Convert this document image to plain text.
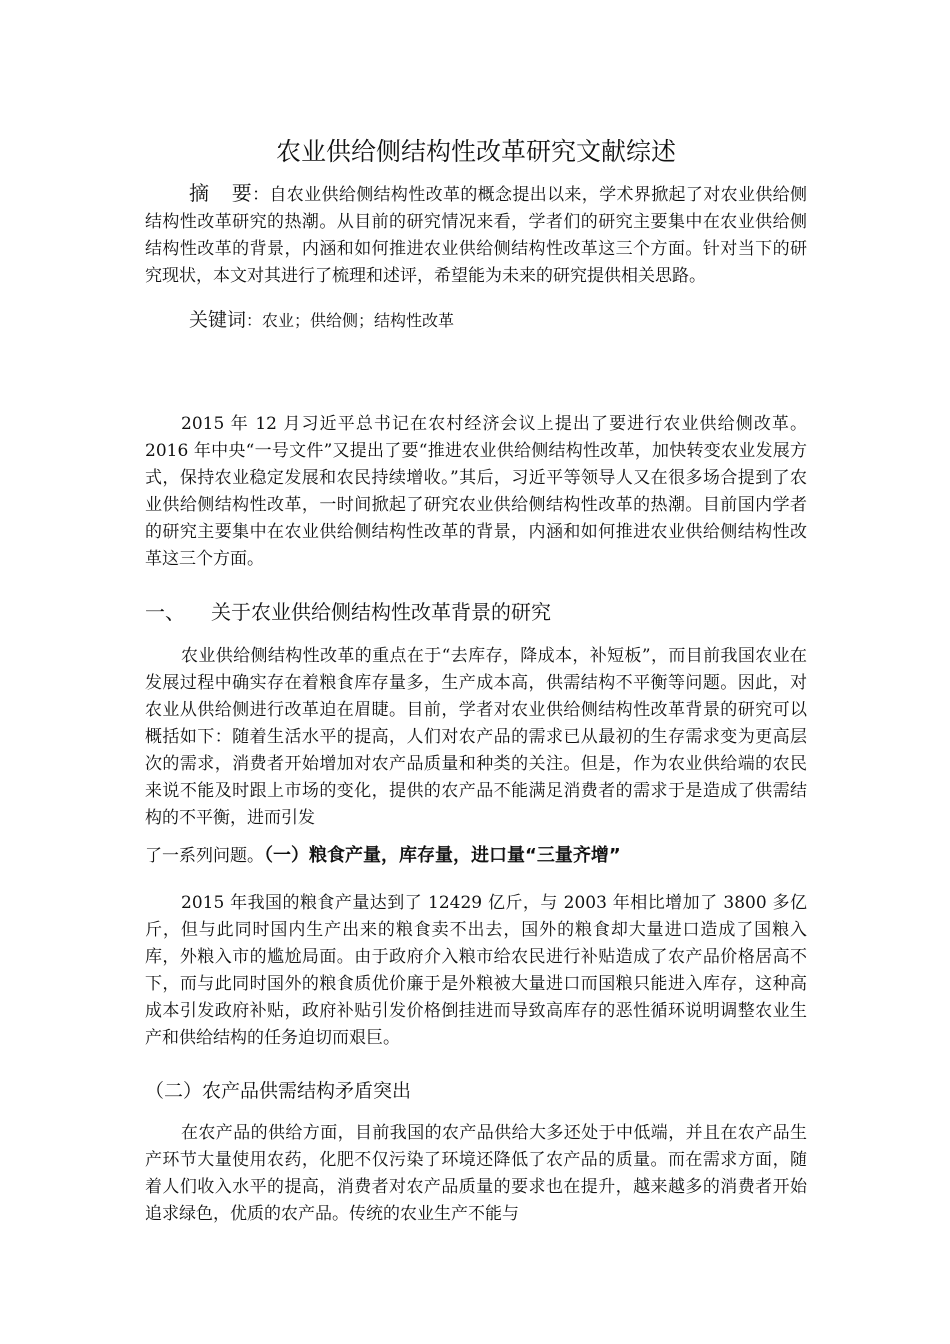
农业供给侧结构性改革研究文献综述

摘 要：自农业供给侧结构性改革的概念提出以来，学术界掀起了对农业供给侧结构性改革研究的热潮。从目前的研究情况来看，学者们的研究主要集中在农业供给侧结构性改革的背景，内涵和如何推进农业供给侧结构性改革这三个方面。针对当下的研究现状，本文对其进行了梳理和述评，希望能为未来的研究提供相关思路。

关键词：农业；供给侧；结构性改革

2015 年 12 月习近平总书记在农村经济会议上提出了要进行农业供给侧改革。2016 年中央“一号文件”又提出了要“推进农业供给侧结构性改革，加快转变农业发展方式，保持农业稳定发展和农民持续增收。”其后，习近平等领导人又在很多场合提到了农业供给侧结构性改革，一时间掀起了研究农业供给侧结构性改革的热潮。目前国内学者的研究主要集中在农业供给侧结构性改革的背景，内涵和如何推进农业供给侧结构性改革这三个方面。

一、 关于农业供给侧结构性改革背景的研究

农业供给侧结构性改革的重点在于“去库存，降成本，补短板”，而目前我国农业在发展过程中确实存在着粮食库存量多，生产成本高，供需结构不平衡等问题。因此，对农业从供给侧进行改革迫在眉睫。目前，学者对农业供给侧结构性改革背景的研究可以概括如下：随着生活水平的提高，人们对农产品的需求已从最初的生存需求变为更高层次的需求，消费者开始增加对农产品质量和种类的关注。但是，作为农业供给端的农民来说不能及时跟上市场的变化，提供的农产品不能满足消费者的需求于是造成了供需结构的不平衡，进而引发

了一系列问题。（一）粮食产量，库存量，进口量“三量齐增”

2015 年我国的粮食产量达到了 12429 亿斤，与 2003 年相比增加了 3800 多亿斤，但与此同时国内生产出来的粮食卖不出去，国外的粮食却大量进口造成了国粮入库，外粮入市的尴尬局面。由于政府介入粮市给农民进行补贴造成了农产品价格居高不下，而与此同时国外的粮食质优价廉于是外粮被大量进口而国粮只能进入库存，这种高成本引发政府补贴，政府补贴引发价格倒挂进而导致高库存的恶性循环说明调整农业生产和供给结构的任务迫切而艰巨。

（二）农产品供需结构矛盾突出

在农产品的供给方面，目前我国的农产品供给大多还处于中低端，并且在农产品生产环节大量使用农药，化肥不仅污染了环境还降低了农产品的质量。而在需求方面，随着人们收入水平的提高，消费者对农产品质量的要求也在提升，越来越多的消费者开始追求绿色，优质的农产品。传统的农业生产不能与
